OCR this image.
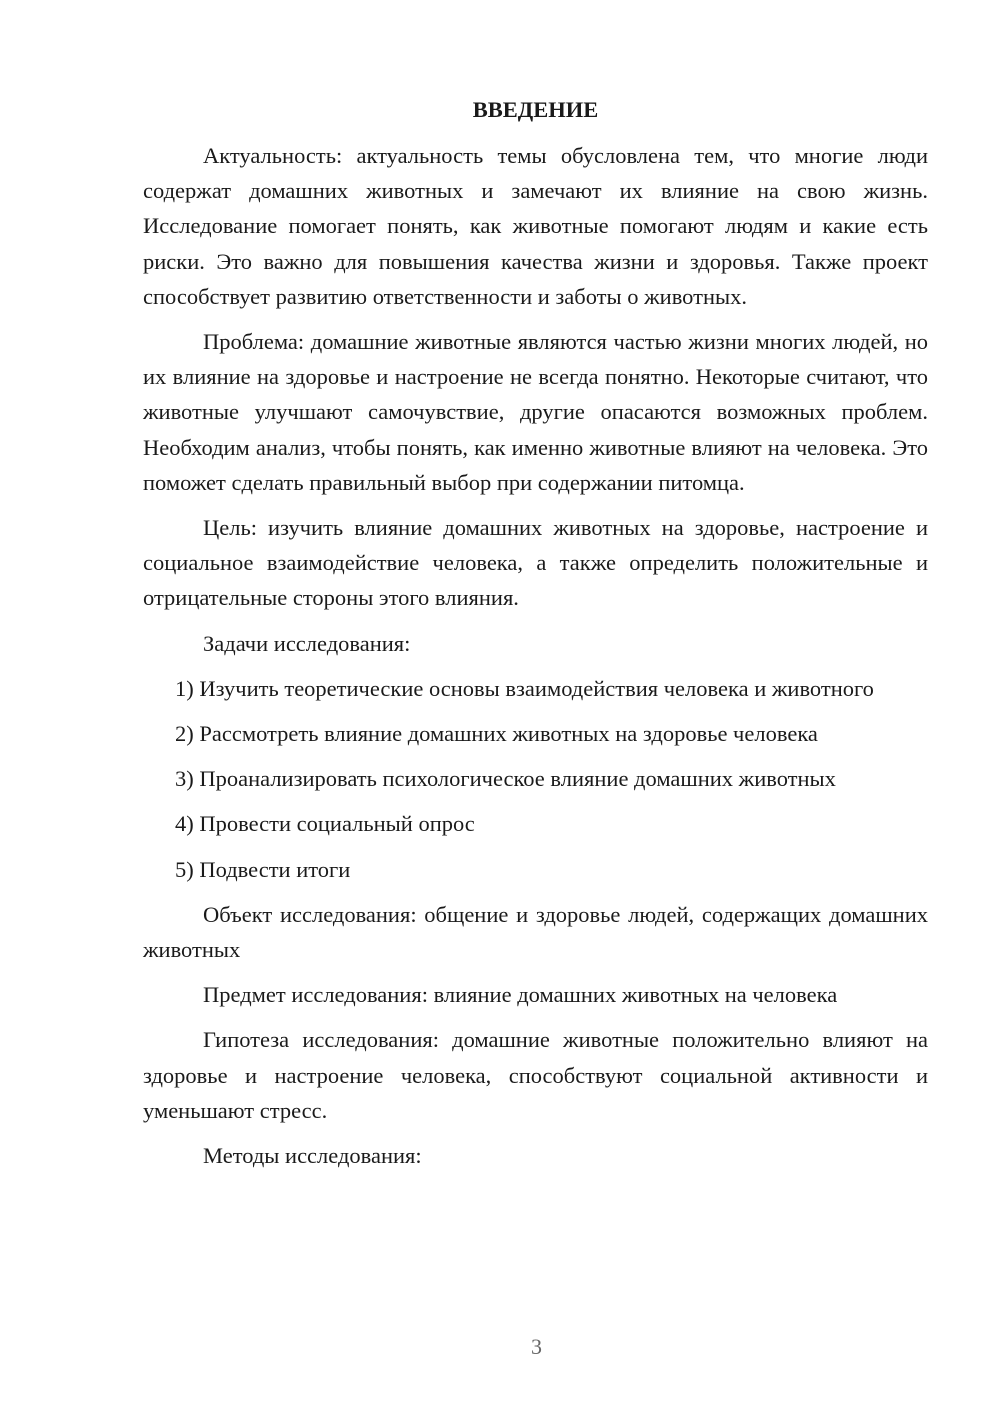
ВВЕДЕНИЕ

Актуальность: актуальность темы обусловлена тем, что многие люди содержат домашних животных и замечают их влияние на свою жизнь. Исследование помогает понять, как животные помогают людям и какие есть риски. Это важно для повышения качества жизни и здоровья. Также проект способствует развитию ответственности и заботы о животных.

Проблема: домашние животные являются частью жизни многих людей, но их влияние на здоровье и настроение не всегда понятно. Некоторые считают, что животные улучшают самочувствие, другие опасаются возможных проблем. Необходим анализ, чтобы понять, как именно животные влияют на человека. Это поможет сделать правильный выбор при содержании питомца.

Цель: изучить влияние домашних животных на здоровье, настроение и социальное взаимодействие человека, а также определить положительные и отрицательные стороны этого влияния.

Задачи исследования:

1) Изучить теоретические основы взаимодействия человека и животного

2) Рассмотреть влияние домашних животных на здоровье человека

3) Проанализировать психологическое влияние домашних животных

4) Провести социальный опрос

5) Подвести итоги

Объект исследования: общение и здоровье людей, содержащих домашних животных

Предмет исследования: влияние домашних животных на человека

Гипотеза исследования: домашние животные положительно влияют на здоровье и настроение человека, способствуют социальной активности и уменьшают стресс.

Методы исследования:

3
